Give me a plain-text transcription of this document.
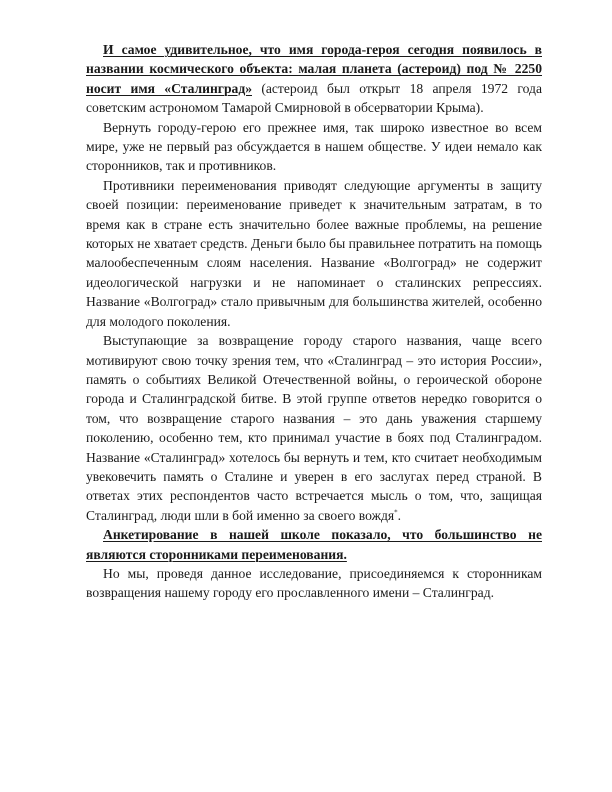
И самое удивительное, что имя города-героя сегодня появилось в названии космического объекта: малая планета (астероид) под № 2250 носит имя «Сталинград» (астероид был открыт 18 апреля 1972 года советским астрономом Тамарой Смирновой в обсерватории Крыма).

Вернуть городу-герою его прежнее имя, так широко известное во всем мире, уже не первый раз обсуждается в нашем обществе. У идеи немало как сторонников, так и противников.

Противники переименования приводят следующие аргументы в защиту своей позиции: переименование приведет к значительным затратам, в то время как в стране есть значительно более важные проблемы, на решение которых не хватает средств. Деньги было бы правильнее потратить на помощь малообеспеченным слоям населения. Название «Волгоград» не содержит идеологической нагрузки и не напоминает о сталинских репрессиях. Название «Волгоград» стало привычным для большинства жителей, особенно для молодого поколения.

Выступающие за возвращение городу старого названия, чаще всего мотивируют свою точку зрения тем, что «Сталинград – это история России», память о событиях Великой Отечественной войны, о героической обороне города и Сталинградской битве. В этой группе ответов нередко говорится о том, что возвращение старого названия – это дань уважения старшему поколению, особенно тем, кто принимал участие в боях под Сталинградом. Название «Сталинград» хотелось бы вернуть и тем, кто считает необходимым увековечить память о Сталине и уверен в его заслугах перед страной. В ответах этих респондентов часто встречается мысль о том, что, защищая Сталинград, люди шли в бой именно за своего вождя*.

Анкетирование в нашей школе показало, что большинство не являются сторонниками переименования.

Но мы, проведя данное исследование, присоединяемся к сторонникам возвращения нашему городу его прославленного имени – Сталинград.
